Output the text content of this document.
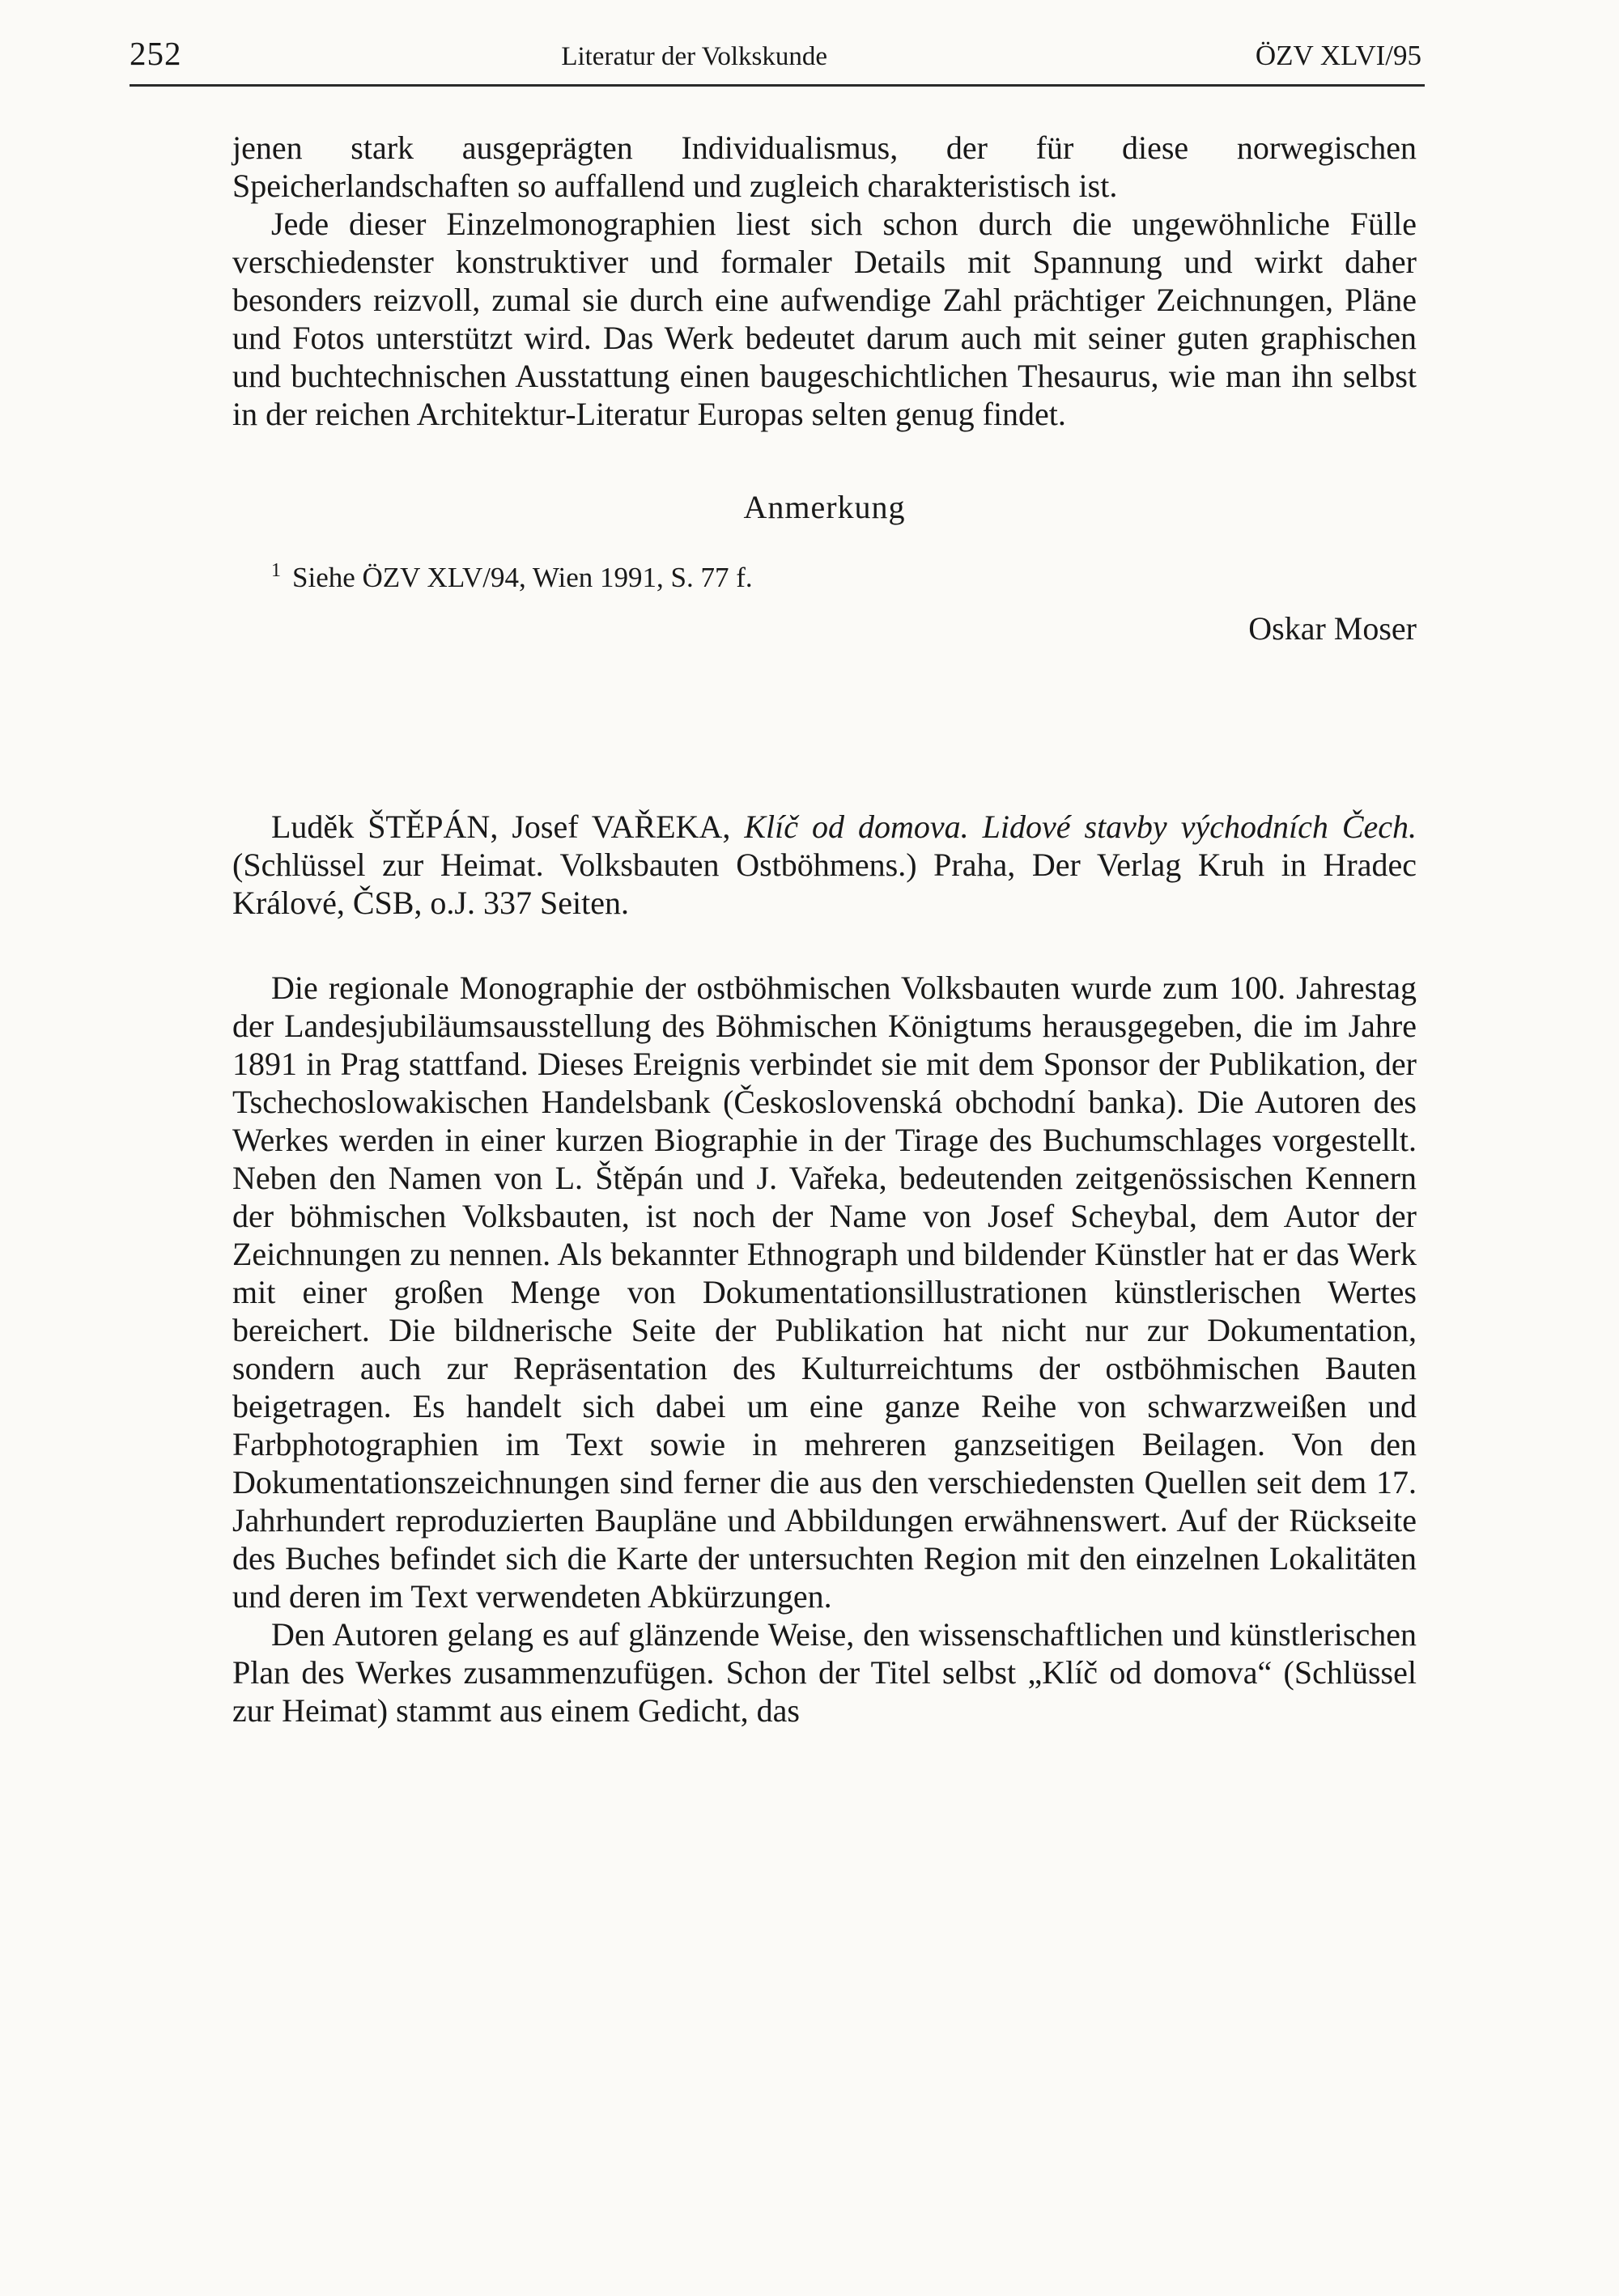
252	Literatur der Volkskunde	ÖZV XLVI/95

jenen stark ausgeprägten Individualismus, der für diese norwegischen Speicherlandschaften so auffallend und zugleich charakteristisch ist.

Jede dieser Einzelmonographien liest sich schon durch die ungewöhnliche Fülle verschiedenster konstruktiver und formaler Details mit Spannung und wirkt daher besonders reizvoll, zumal sie durch eine aufwendige Zahl prächtiger Zeichnungen, Pläne und Fotos unterstützt wird. Das Werk bedeutet darum auch mit seiner guten graphischen und buchtechnischen Ausstattung einen baugeschichtlichen Thesaurus, wie man ihn selbst in der reichen Architektur-Literatur Europas selten genug findet.

Anmerkung

$^1$ Siehe ÖZV XLV/94, Wien 1991, S. 77 f.

Oskar Moser

Luděk ŠTĚPÁN, Josef VAŘEKA, Klíč od domova. Lidové stavby východních Čech. (Schlüssel zur Heimat. Volksbauten Ostböhmens.) Praha, Der Verlag Kruh in Hradec Králové, ČSB, o.J. 337 Seiten.

Die regionale Monographie der ostböhmischen Volksbauten wurde zum 100. Jahrestag der Landesjubiläumsausstellung des Böhmischen Königtums herausgegeben, die im Jahre 1891 in Prag stattfand. Dieses Ereignis verbindet sie mit dem Sponsor der Publikation, der Tschechoslowakischen Handelsbank (Československá obchodní banka). Die Autoren des Werkes werden in einer kurzen Biographie in der Tirage des Buchumschlages vorgestellt. Neben den Namen von L. Štěpán und J. Vařeka, bedeutenden zeitgenössischen Kennern der böhmischen Volksbauten, ist noch der Name von Josef Scheybal, dem Autor der Zeichnungen zu nennen. Als bekannter Ethnograph und bildender Künstler hat er das Werk mit einer großen Menge von Dokumentationsillustrationen künstlerischen Wertes bereichert. Die bildnerische Seite der Publikation hat nicht nur zur Dokumentation, sondern auch zur Repräsentation des Kulturreichtums der ostböhmischen Bauten beigetragen. Es handelt sich dabei um eine ganze Reihe von schwarzweißen und Farbphotographien im Text sowie in mehreren ganzseitigen Beilagen. Von den Dokumentationszeichnungen sind ferner die aus den verschiedensten Quellen seit dem 17. Jahrhundert reproduzierten Baupläne und Abbildungen erwähnenswert. Auf der Rückseite des Buches befindet sich die Karte der untersuchten Region mit den einzelnen Lokalitäten und deren im Text verwendeten Abkürzungen.

Den Autoren gelang es auf glänzende Weise, den wissenschaftlichen und künstlerischen Plan des Werkes zusammenzufügen. Schon der Titel selbst „Klíč od domova“ (Schlüssel zur Heimat) stammt aus einem Gedicht, das
